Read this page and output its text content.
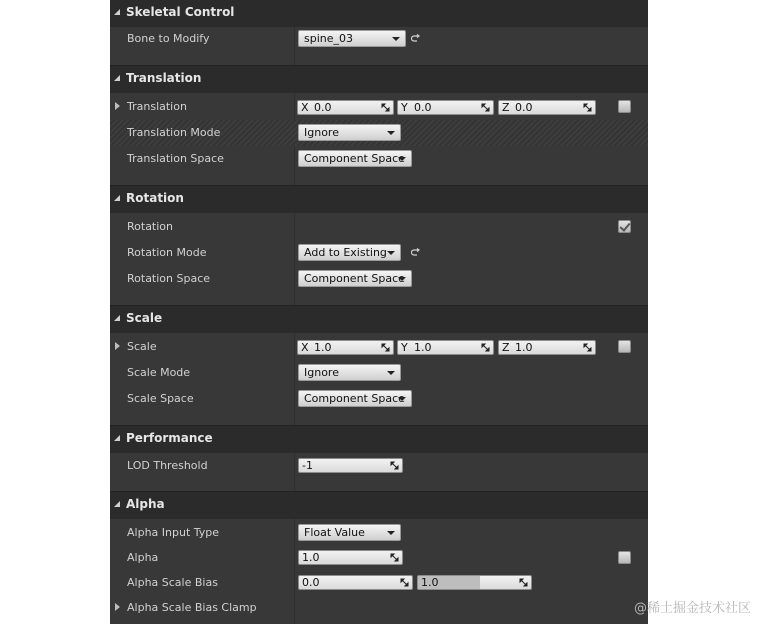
Skeletal Control
Bone to Modify	spine_03
Translation
Translation	X 0.0	Y 0.0	Z 0.0
Translation Mode	Ignore
Translation Space	Component Space
Rotation
Rotation
Rotation Mode	Add to Existing
Rotation Space	Component Space
Scale
Scale	X 1.0	Y 1.0	Z 1.0
Scale Mode	Ignore
Scale Space	Component Space
Performance
LOD Threshold	-1
Alpha
Alpha Input Type	Float Value
Alpha	1.0
Alpha Scale Bias	0.0	1.0
Alpha Scale Bias Clamp	@稀土掘金技术社区
